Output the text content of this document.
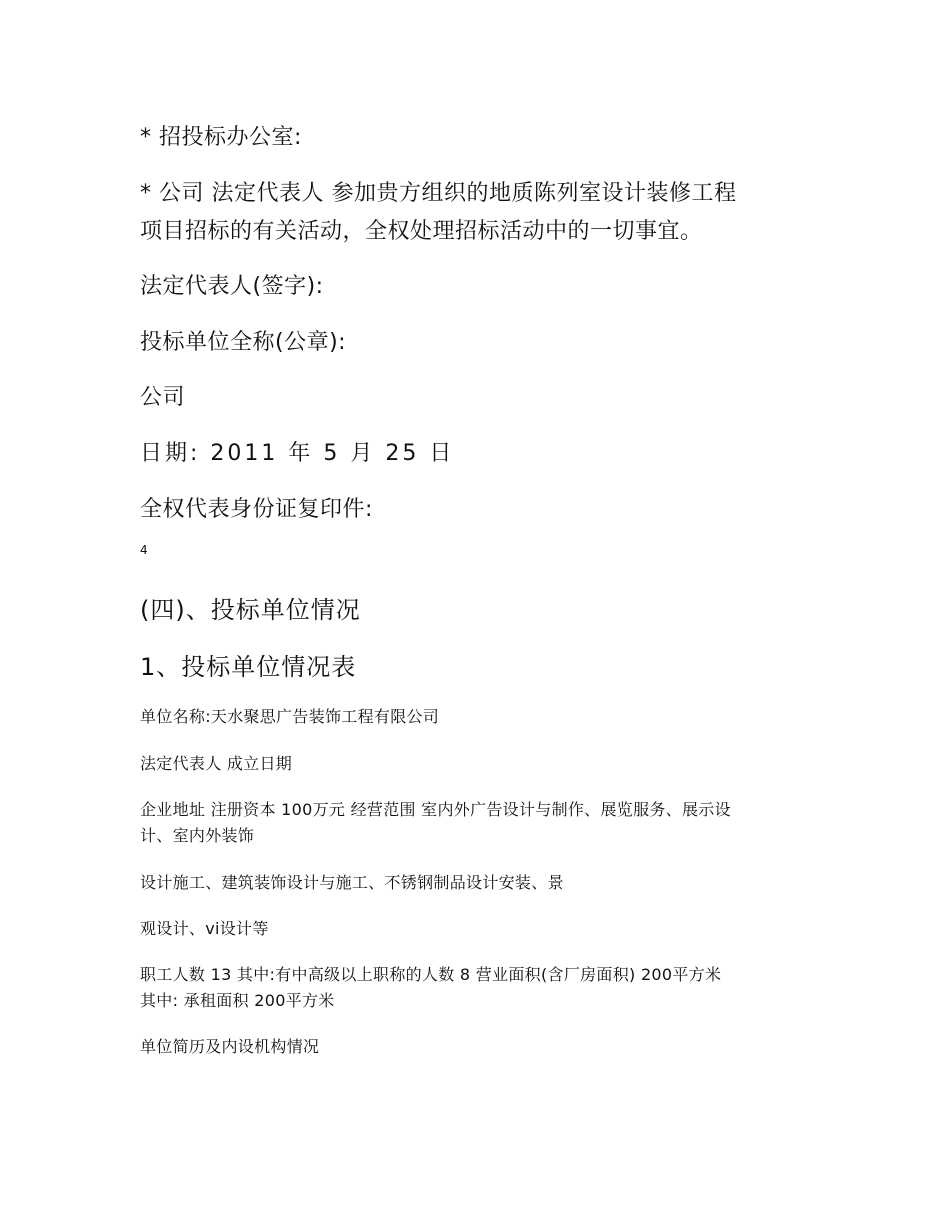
* 招投标办公室:
* 公司 法定代表人 参加贵方组织的地质陈列室设计装修工程
项目招标的有关活动，全权处理招标活动中的一切事宜。
法定代表人(签字):
投标单位全称(公章):
公司
日期: 2011 年 5 月 25 日
全权代表身份证复印件:
4
(四)、投标单位情况
1、投标单位情况表
单位名称:天水聚思广告装饰工程有限公司
法定代表人 成立日期
企业地址 注册资本 100万元 经营范围 室内外广告设计与制作、展览服务、展示设
计、室内外装饰
设计施工、建筑装饰设计与施工、不锈钢制品设计安装、景
观设计、vi设计等
职工人数 13 其中:有中高级以上职称的人数 8 营业面积(含厂房面积) 200平方米
其中: 承租面积 200平方米
单位简历及内设机构情况
